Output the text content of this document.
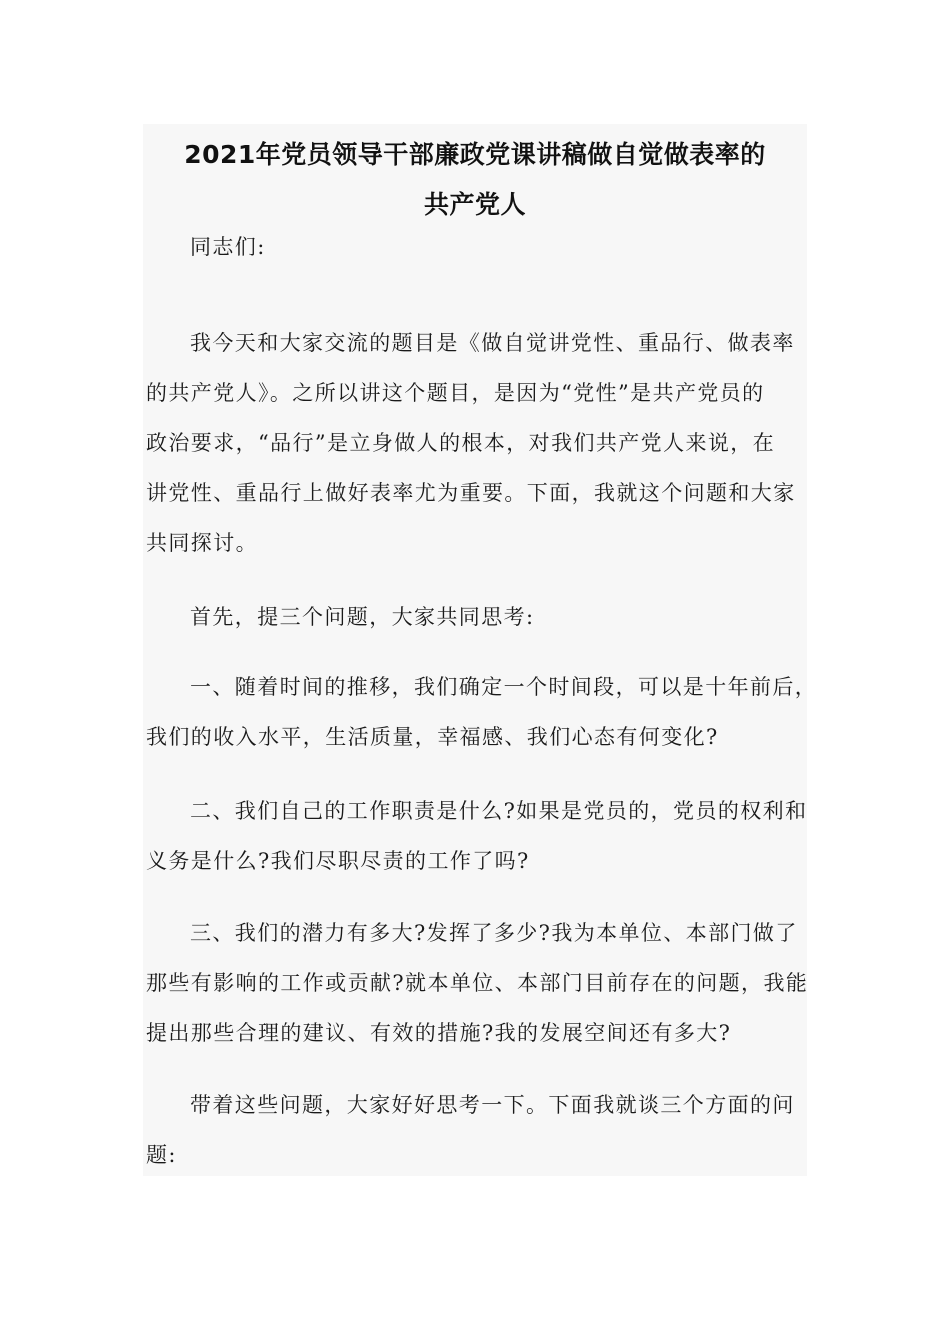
2021年党员领导干部廉政党课讲稿做自觉做表率的
共产党人

同志们:

我今天和大家交流的题目是《做自觉讲党性、重品行、做表率
的共产党人》。之所以讲这个题目，是因为“党性”是共产党员的
政治要求，“品行”是立身做人的根本，对我们共产党人来说，在
讲党性、重品行上做好表率尤为重要。下面，我就这个问题和大家
共同探讨。

首先，提三个问题，大家共同思考:

一、随着时间的推移，我们确定一个时间段，可以是十年前后，
我们的收入水平，生活质量，幸福感、我们心态有何变化?

二、我们自己的工作职责是什么?如果是党员的，党员的权利和
义务是什么?我们尽职尽责的工作了吗?

三、我们的潜力有多大?发挥了多少?我为本单位、本部门做了
那些有影响的工作或贡献?就本单位、本部门目前存在的问题，我能
提出那些合理的建议、有效的措施?我的发展空间还有多大?

带着这些问题，大家好好思考一下。下面我就谈三个方面的问
题:
